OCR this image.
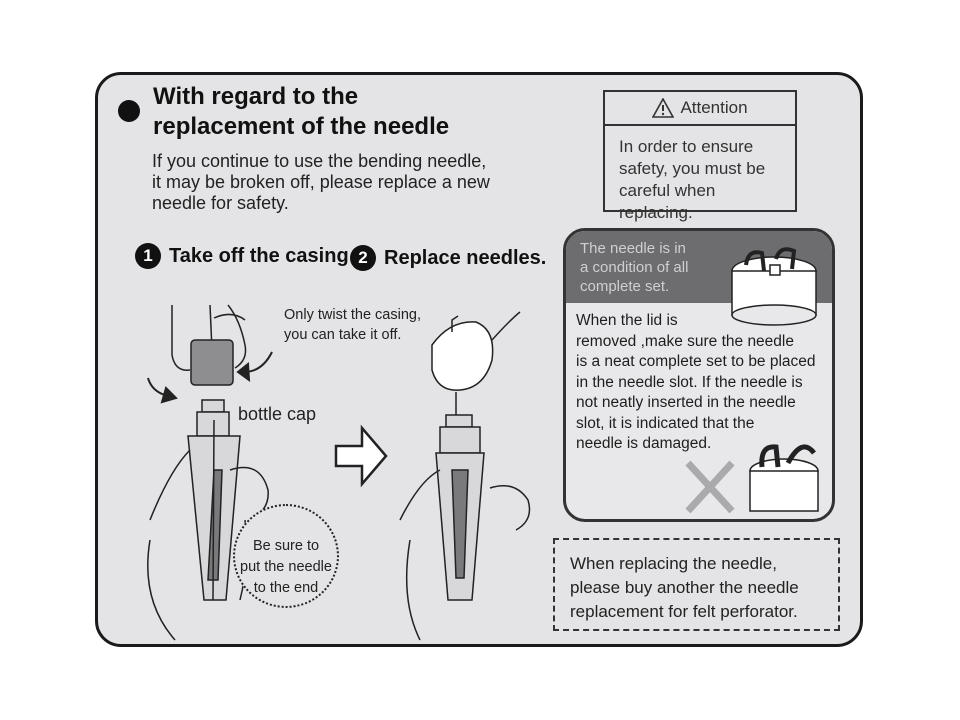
With regard to the
replacement of the needle
If you continue to use the bending needle,
it may be broken off, please replace a new
needle for safety.
Attention
In order to ensure
safety, you must be
careful when replacing.
1 Take off the casing 2 Replace needles.
Only twist the casing,
you can take it off.
bottle cap
Be sure to
put the needle
to the end
The needle is in
a condition of all
complete set.
When the lid is
removed ,make sure the needle
is a neat complete set to be placed
in the needle slot. If the needle is
not neatly inserted in the needle
slot, it is indicated that the
needle is damaged.
When replacing the needle,
please buy another the needle
replacement for felt perforator.
